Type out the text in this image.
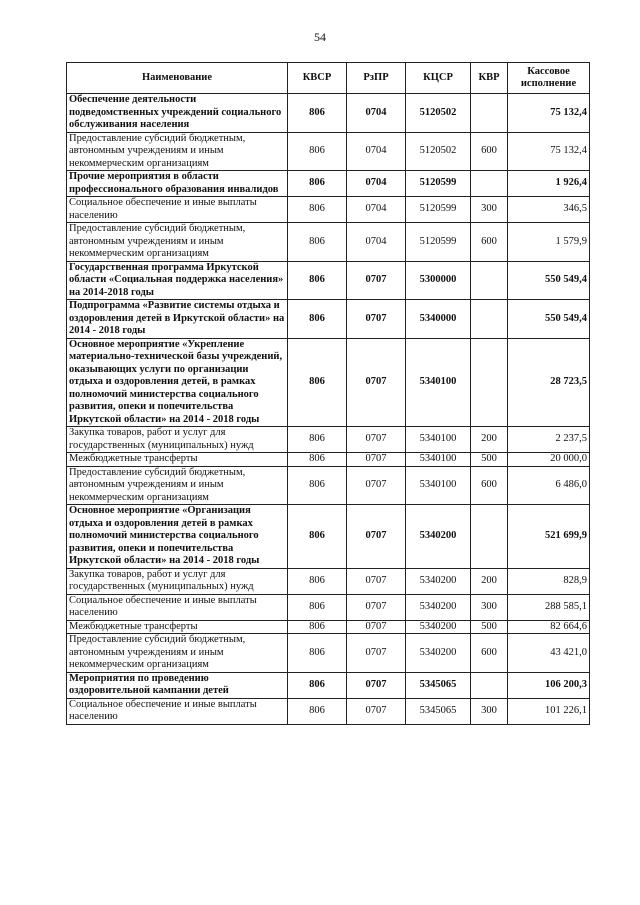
54
Наименование	КВСР	РзПР	КЦСР	КВР	Кассовое исполнение
Обеспечение деятельности подведомственных учреждений социального обслуживания населения	806	0704	5120502		75 132,4
Предоставление субсидий бюджетным, автономным учреждениям и иным некоммерческим организациям	806	0704	5120502	600	75 132,4
Прочие мероприятия в области профессионального образования инвалидов	806	0704	5120599		1 926,4
Социальное обеспечение и иные выплаты населению	806	0704	5120599	300	346,5
Предоставление субсидий бюджетным, автономным учреждениям и иным некоммерческим организациям	806	0704	5120599	600	1 579,9
Государственная программа Иркутской области «Социальная поддержка населения» на 2014-2018 годы	806	0707	5300000		550 549,4
Подпрограмма «Развитие системы отдыха и оздоровления детей в Иркутской области» на 2014 - 2018 годы	806	0707	5340000		550 549,4
Основное мероприятие «Укрепление материально-технической базы учреждений, оказывающих услуги по организации отдыха и оздоровления детей, в рамках полномочий министерства социального развития, опеки и попечительства Иркутской области» на 2014 - 2018 годы	806	0707	5340100		28 723,5
Закупка товаров, работ и услуг для государственных (муниципальных) нужд	806	0707	5340100	200	2 237,5
Межбюджетные трансферты	806	0707	5340100	500	20 000,0
Предоставление субсидий бюджетным, автономным учреждениям и иным некоммерческим организациям	806	0707	5340100	600	6 486,0
Основное мероприятие «Организация отдыха и оздоровления детей в рамках полномочий министерства социального развития, опеки и попечительства Иркутской области» на 2014 - 2018 годы	806	0707	5340200		521 699,9
Закупка товаров, работ и услуг для государственных (муниципальных) нужд	806	0707	5340200	200	828,9
Социальное обеспечение и иные выплаты населению	806	0707	5340200	300	288 585,1
Межбюджетные трансферты	806	0707	5340200	500	82 664,6
Предоставление субсидий бюджетным, автономным учреждениям и иным некоммерческим организациям	806	0707	5340200	600	43 421,0
Мероприятия по проведению оздоровительной кампании детей	806	0707	5345065		106 200,3
Социальное обеспечение и иные выплаты населению	806	0707	5345065	300	101 226,1
